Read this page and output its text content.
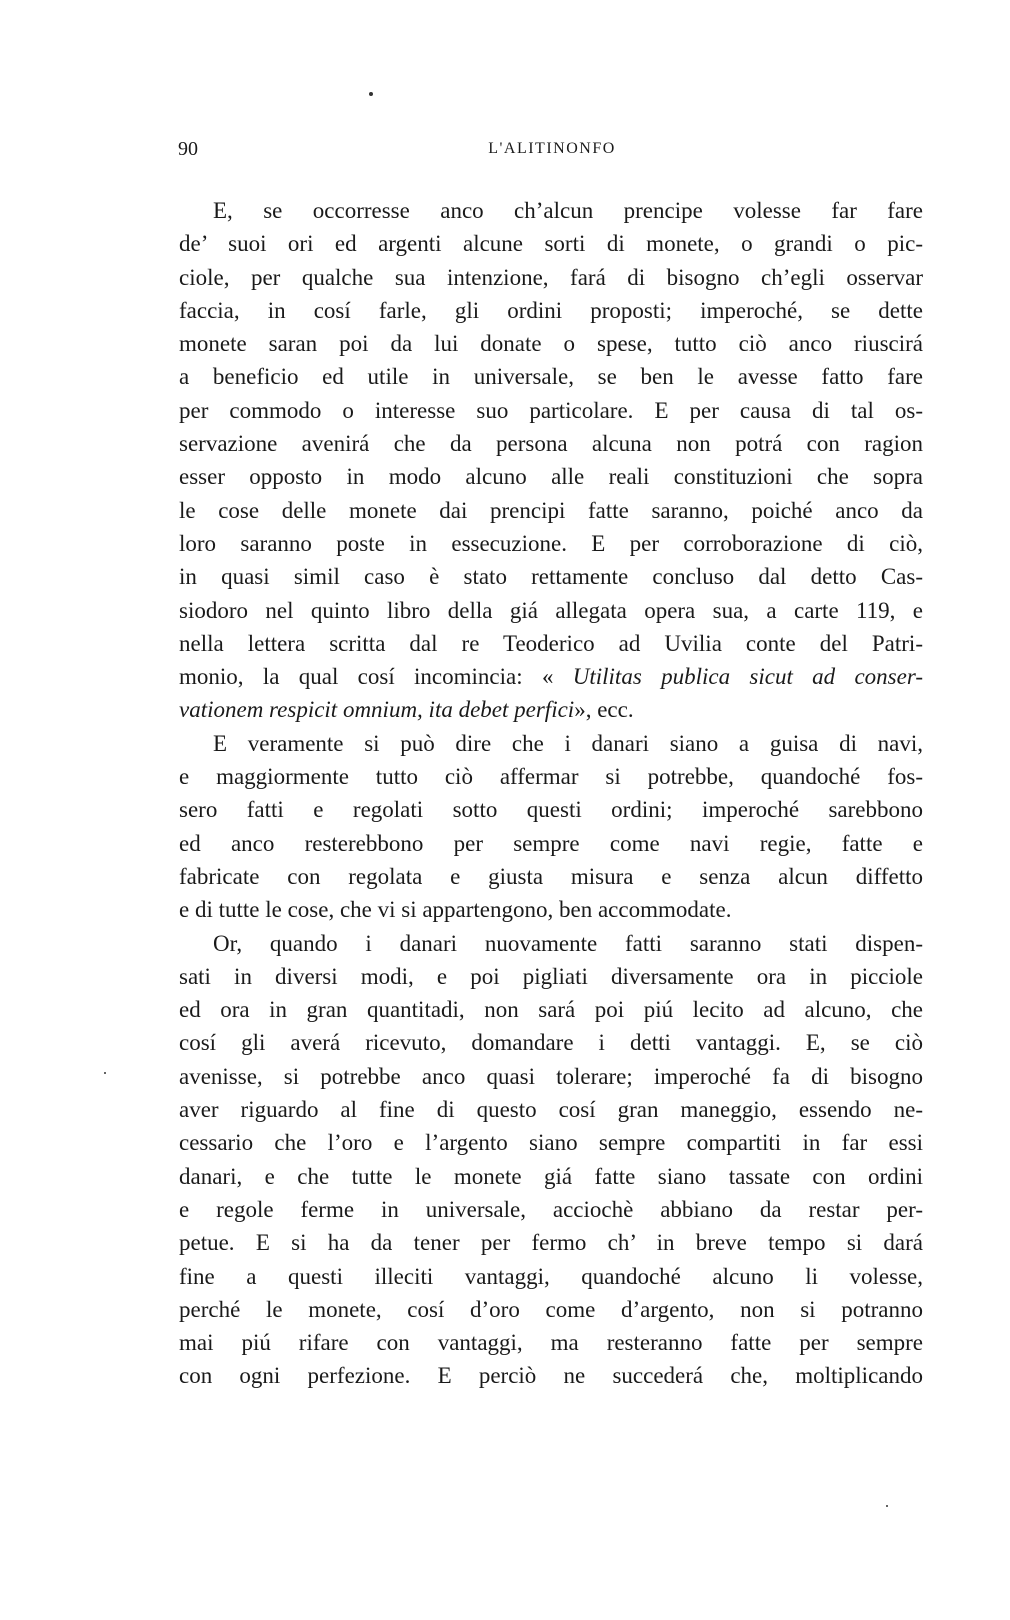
90	L'ALITINONFO
E, se occorresse anco ch’alcun prencipe volesse far fare
de’ suoi ori ed argenti alcune sorti di monete, o grandi o pic-
ciole, per qualche sua intenzione, fará di bisogno ch’egli osservar
faccia, in cosí farle, gli ordini proposti; imperoché, se dette
monete saran poi da lui donate o spese, tutto ciò anco riuscirá
a beneficio ed utile in universale, se ben le avesse fatto fare
per commodo o interesse suo particolare. E per causa di tal os-
servazione avenirá che da persona alcuna non potrá con ragion
esser opposto in modo alcuno alle reali constituzioni che sopra
le cose delle monete dai prencipi fatte saranno, poiché anco da
loro saranno poste in essecuzione. E per corroborazione di ciò,
in quasi simil caso è stato rettamente concluso dal detto Cas-
siodoro nel quinto libro della giá allegata opera sua, a carte 119, e
nella lettera scritta dal re Teoderico ad Uvilia conte del Patri-
monio, la qual cosí incomincia: « Utilitas publica sicut ad conser-
vationem respicit omnium, ita debet perfici», ecc.
E veramente si può dire che i danari siano a guisa di navi,
e maggiormente tutto ciò affermar si potrebbe, quandoché fos-
sero fatti e regolati sotto questi ordini; imperoché sarebbono
ed anco resterebbono per sempre come navi regie, fatte e
fabricate con regolata e giusta misura e senza alcun diffetto
e di tutte le cose, che vi si appartengono, ben accommodate.
Or, quando i danari nuovamente fatti saranno stati dispen-
sati in diversi modi, e poi pigliati diversamente ora in picciole
ed ora in gran quantitadi, non sará poi piú lecito ad alcuno, che
cosí gli averá ricevuto, domandare i detti vantaggi. E, se ciò
avenisse, si potrebbe anco quasi tolerare; imperoché fa di bisogno
aver riguardo al fine di questo cosí gran maneggio, essendo ne-
cessario che l’oro e l’argento siano sempre compartiti in far essi
danari, e che tutte le monete giá fatte siano tassate con ordini
e regole ferme in universale, acciochè abbiano da restar per-
petue. E si ha da tener per fermo ch’ in breve tempo si dará
fine a questi illeciti vantaggi, quandoché alcuno li volesse,
perché le monete, cosí d’oro come d’argento, non si potranno
mai piú rifare con vantaggi, ma resteranno fatte per sempre
con ogni perfezione. E perciò ne succederá che, moltiplicando
